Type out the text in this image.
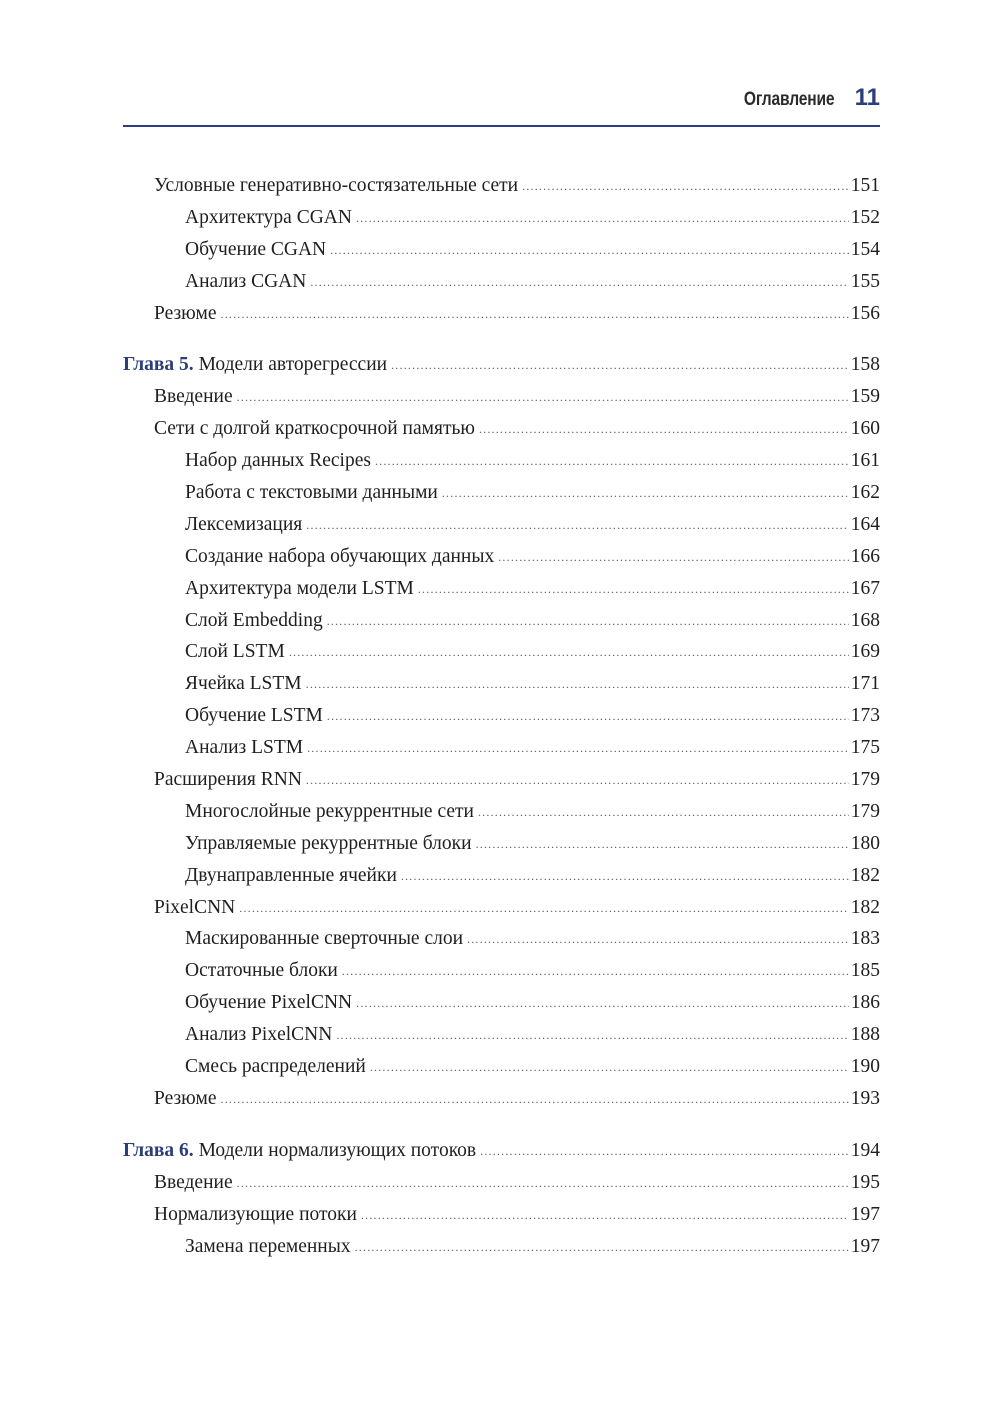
Оглавление 11
Условные генеративно-состязательные сети .....	151
Архитектура CGAN .....	152
Обучение CGAN .....	154
Анализ CGAN .....	155
Резюме .....	156
Глава 5. Модели авторегрессии .....	158
Введение .....	159
Сети с долгой краткосрочной памятью .....	160
Набор данных Recipes .....	161
Работа с текстовыми данными .....	162
Лексемизация .....	164
Создание набора обучающих данных .....	166
Архитектура модели LSTM .....	167
Слой Embedding .....	168
Слой LSTM .....	169
Ячейка LSTM .....	171
Обучение LSTM .....	173
Анализ LSTM .....	175
Расширения RNN .....	179
Многослойные рекуррентные сети .....	179
Управляемые рекуррентные блоки .....	180
Двунаправленные ячейки .....	182
PixelCNN .....	182
Маскированные сверточные слои .....	183
Остаточные блоки .....	185
Обучение PixelCNN .....	186
Анализ PixelCNN .....	188
Смесь распределений .....	190
Резюме .....	193
Глава 6. Модели нормализующих потоков .....	194
Введение .....	195
Нормализующие потоки .....	197
Замена переменных .....	197
